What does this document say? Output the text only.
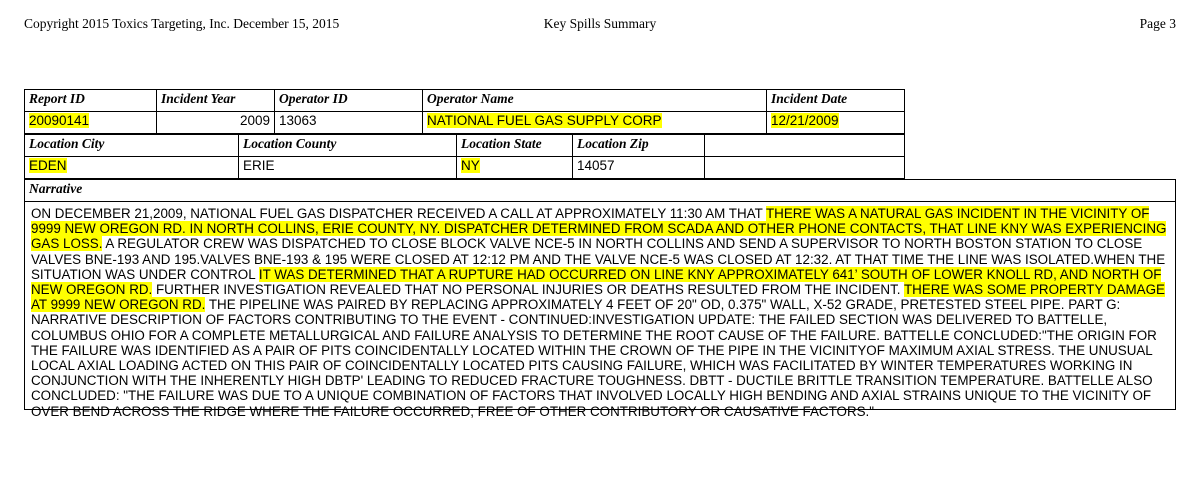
Copyright 2015 Toxics Targeting, Inc. December 15, 2015	Key Spills Summary	Page 3
Report ID	Incident Year	Operator ID	Operator Name	Incident Date
20090141	2009	13063	NATIONAL FUEL GAS SUPPLY CORP	12/21/2009
Location City	Location County	Location State	Location Zip	
EDEN	ERIE	NY	14057	
Narrative
ON DECEMBER 21,2009, NATIONAL FUEL GAS DISPATCHER RECEIVED A CALL AT APPROXIMATELY 11:30 AM THAT THERE WAS A NATURAL GAS INCIDENT IN THE VICINITY OF 9999 NEW OREGON RD. IN NORTH COLLINS, ERIE COUNTY, NY. DISPATCHER DETERMINED FROM SCADA AND OTHER PHONE CONTACTS, THAT LINE KNY WAS EXPERIENCING GAS LOSS. A REGULATOR CREW WAS DISPATCHED TO CLOSE BLOCK VALVE NCE-5 IN NORTH COLLINS AND SEND A SUPERVISOR TO NORTH BOSTON STATION TO CLOSE VALVES BNE-193 AND 195.VALVES BNE-193 & 195 WERE CLOSED AT 12:12 PM AND THE VALVE NCE-5 WAS CLOSED AT 12:32. AT THAT TIME THE LINE WAS ISOLATED.WHEN THE SITUATION WAS UNDER CONTROL IT WAS DETERMINED THAT A RUPTURE HAD OCCURRED ON LINE KNY APPROXIMATELY 641’ SOUTH OF LOWER KNOLL RD, AND NORTH OF NEW OREGON RD. FURTHER INVESTIGATION REVEALED THAT NO PERSONAL INJURIES OR DEATHS RESULTED FROM THE INCIDENT. THERE WAS SOME PROPERTY DAMAGE AT 9999 NEW OREGON RD. THE PIPELINE WAS PAIRED BY REPLACING APPROXIMATELY 4 FEET OF 20" OD, 0.375" WALL, X-52 GRADE, PRETESTED STEEL PIPE. PART G: NARRATIVE DESCRIPTION OF FACTORS CONTRIBUTING TO THE EVENT - CONTINUED:INVESTIGATION UPDATE: THE FAILED SECTION WAS DELIVERED TO BATTELLE, COLUMBUS OHIO FOR A COMPLETE METALLURGICAL AND FAILURE ANALYSIS TO DETERMINE THE ROOT CAUSE OF THE FAILURE. BATTELLE CONCLUDED:"THE ORIGIN FOR THE FAILURE WAS IDENTIFIED AS A PAIR OF PITS COINCIDENTALLY LOCATED WITHIN THE CROWN OF THE PIPE IN THE VICINITYOF MAXIMUM AXIAL STRESS. THE UNUSUAL LOCAL AXIAL LOADING ACTED ON THIS PAIR OF COINCIDENTALLY LOCATED PITS CAUSING FAILURE, WHICH WAS FACILITATED BY WINTER TEMPERATURES WORKING IN CONJUNCTION WITH THE INHERENTLY HIGH DBTP' LEADING TO REDUCED FRACTURE TOUGHNESS. DBTT - DUCTILE BRITTLE TRANSITION TEMPERATURE. BATTELLE ALSO CONCLUDED: "THE FAILURE WAS DUE TO A UNIQUE COMBINATION OF FACTORS THAT INVOLVED LOCALLY HIGH BENDING AND AXIAL STRAINS UNIQUE TO THE VICINITY OF OVER BEND ACROSS THE RIDGE WHERE THE FAILURE OCCURRED, FREE OF OTHER CONTRIBUTORY OR CAUSATIVE FACTORS."
